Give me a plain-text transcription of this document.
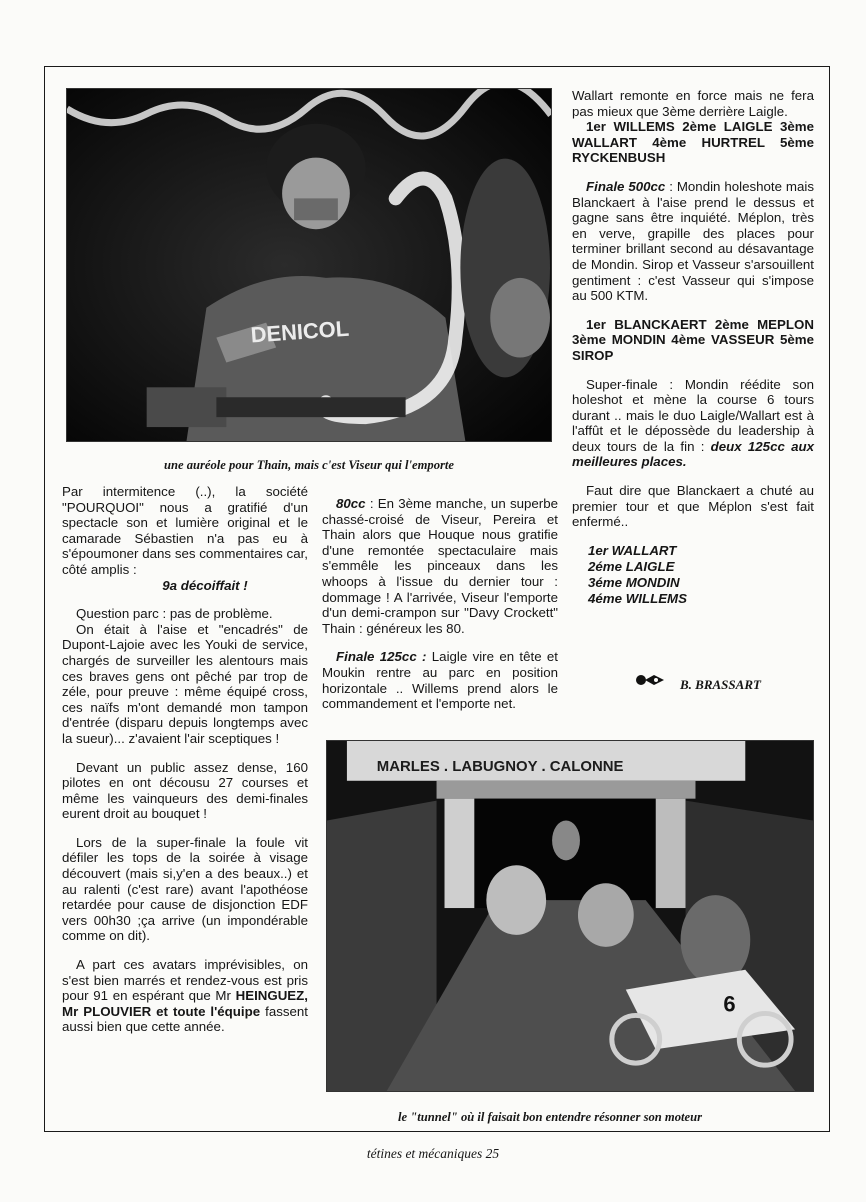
DENICOL
une auréole pour Thain, mais c'est Viseur qui l'emporte

Par intermitence (..), la société "POURQUOI" nous a gratifié d'un spectacle son et lumière original et le camarade Sébastien n'a pas eu à s'époumoner dans ses commentaires car, côté amplis :

9a décoiffait !

Question parc : pas de problème.

On était à l'aise et "encadrés" de Dupont-Lajoie avec les Youki de service, chargés de surveiller les alentours mais ces braves gens ont pêché par trop de zéle, pour preuve : même équipé cross, ces naïfs m'ont demandé mon tampon d'entrée (disparu depuis longtemps avec la sueur)... z'avaient l'air sceptiques !

Devant un public assez dense, 160 pilotes en ont décousu 27 courses et même les vainqueurs des demi-finales eurent droit au bouquet !

Lors de la super-finale la foule vit défiler les tops de la soirée à visage découvert (mais si,y'en a des beaux..) et au ralenti (c'est rare) avant l'apothéose retardée pour cause de disjonction EDF vers 00h30 ;ça arrive (un impondérable comme on dit).

A part ces avatars imprévisibles, on s'est bien marrés et rendez-vous est pris pour 91 en espérant que Mr HEINGUEZ, Mr PLOUVIER et toute l'équipe fassent aussi bien que cette année.

80cc : En 3ème manche, un superbe chassé-croisé de Viseur, Pereira et Thain alors que Houque nous gratifie d'une remontée spectaculaire mais s'emmêle les pinceaux dans les whoops à l'issue du dernier tour : dommage ! A l'arrivée, Viseur l'emporte d'un demi-crampon sur "Davy Crockett" Thain : généreux les 80.

Finale 125cc : Laigle vire en tête et Moukin rentre au parc en position horizontale .. Willems prend alors le commandement et l'emporte net.

Wallart remonte en force mais ne fera pas mieux que 3ème derrière Laigle.

1er WILLEMS 2ème LAIGLE 3ème WALLART 4ème HURTREL 5ème RYCKENBUSH

Finale 500cc : Mondin holeshote mais Blanckaert à l'aise prend le dessus et gagne sans être inquiété. Méplon, très en verve, grapille des places pour terminer brillant second au désavantage de Mondin. Sirop et Vasseur s'arsouillent gentiment : c'est Vasseur qui s'impose au 500 KTM.

1er BLANCKAERT 2ème MEPLON 3ème MONDIN 4ème VASSEUR 5ème SIROP

Super-finale : Mondin réédite son holeshot et mène la course 6 tours durant .. mais le duo Laigle/Wallart est à l'affût et le dépossède du leadership à deux tours de la fin : deux 125cc aux meilleures places.

Faut dire que Blanckaert a chuté au premier tour et que Méplon s'est fait enfermé..

1er WALLART
2éme LAIGLE
3éme MONDIN
4éme WILLEMS
B. BRASSART
MARLES . LABUGNOY . CALONNE
6
le "tunnel" où il faisait bon entendre résonner son moteur
tétines et mécaniques 25
